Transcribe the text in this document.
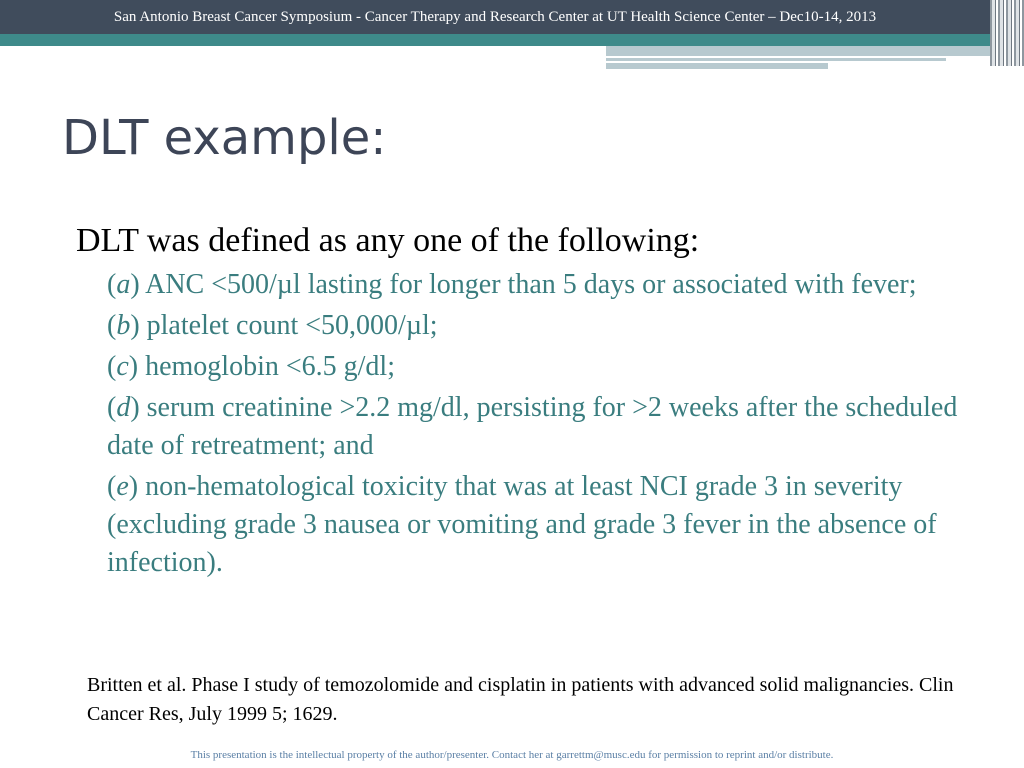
San Antonio Breast Cancer Symposium - Cancer Therapy and Research Center at UT Health Science Center – Dec10-14, 2013
DLT example:

DLT was defined as any one of the following:

(a) ANC <500/µl lasting for longer than 5 days or associated with fever;
(b) platelet count <50,000/µl;
(c) hemoglobin <6.5 g/dl;
(d) serum creatinine >2.2 mg/dl, persisting for >2 weeks after the scheduled date of retreatment; and
(e) non-hematological toxicity that was at least NCI grade 3 in severity (excluding grade 3 nausea or vomiting and grade 3 fever in the absence of infection).

Britten et al. Phase I study of temozolomide and cisplatin in patients with advanced solid malignancies. Clin Cancer Res, July 1999 5; 1629.

This presentation is the intellectual property of the author/presenter. Contact her at garrettm@musc.edu for permission to reprint and/or distribute.
